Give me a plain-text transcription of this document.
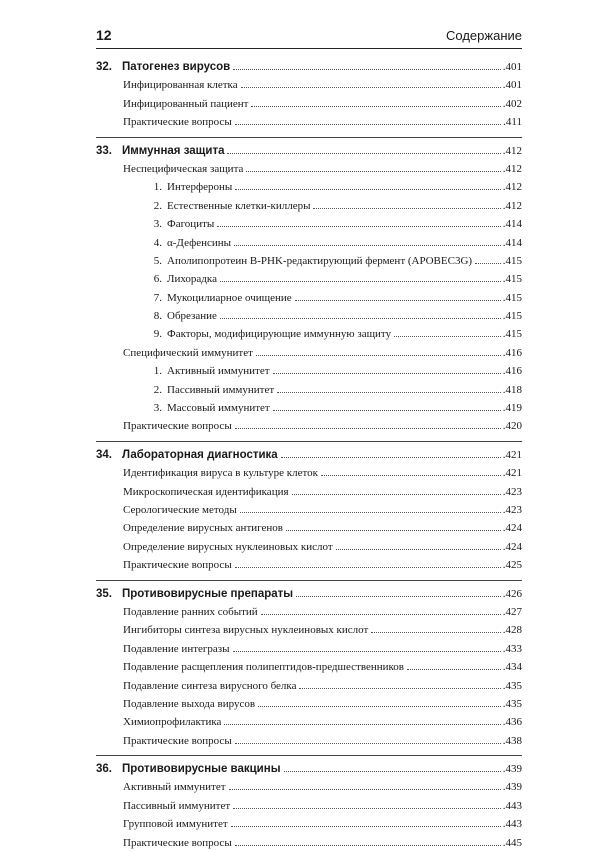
12	Содержание
32. Патогенез вирусов	.401
Инфицированная клетка	.401
Инфицированный пациент	.402
Практические вопросы	.411
33. Иммунная защита	.412
Неспецифическая защита	.412
1. Интерфероны	.412
2. Естественные клетки-киллеры	.412
3. Фагоциты	.414
4. α-Дефенсины	.414
5. Аполипопротеин B-PHK-редактирующий фермент (APOBEC3G)	.415
6. Лихорадка	.415
7. Мукоцилиарное очищение	.415
8. Обрезание	.415
9. Факторы, модифицирующие иммунную защиту	.415
Специфический иммунитет	.416
1. Активный иммунитет	.416
2. Пассивный иммунитет	.418
3. Массовый иммунитет	.419
Практические вопросы	.420
34. Лабораторная диагностика	.421
Идентификация вируса в культуре клеток	.421
Микроскопическая идентификация	.423
Серологические методы	.423
Определение вирусных антигенов	.424
Определение вирусных нуклеиновых кислот	.424
Практические вопросы	.425
35. Противовирусные препараты	.426
Подавление ранних событий	.427
Ингибиторы синтеза вирусных нуклеиновых кислот	.428
Подавление интегразы	.433
Подавление расщепления полипептидов-предшественников	.434
Подавление синтеза вирусного белка	.435
Подавление выхода вирусов	.435
Химиопрофилактика	.436
Практические вопросы	.438
36. Противовирусные вакцины	.439
Активный иммунитет	.439
Пассивный иммунитет	.443
Групповой иммунитет	.443
Практические вопросы	.445
